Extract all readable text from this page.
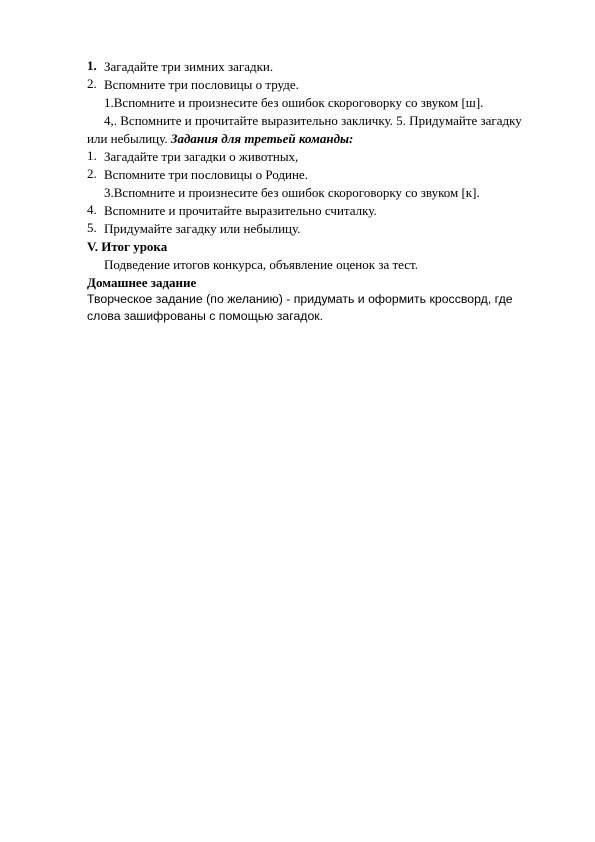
1. Загадайте три зимних загадки.
2. Вспомните три пословицы о труде.
1.Вспомните и произнесите без ошибок скороговорку со звуком [ш].
4,. Вспомните и прочитайте выразительно закличку. 5. Придумайте загадку
или небылицу. Задания для третьей команды:
1. Загадайте три загадки о животных,
2. Вспомните три пословицы о Родине.
3.Вспомните и произнесите без ошибок скороговорку со звуком [к].
4. Вспомните и прочитайте выразительно считалку.
5. Придумайте загадку или небылицу.
V. Итог урока
Подведение итогов конкурса, объявление оценок за тест.
Домашнее задание
Творческое задание (по желанию) - придумать и оформить кроссворд, где
слова зашифрованы с помощью загадок.
